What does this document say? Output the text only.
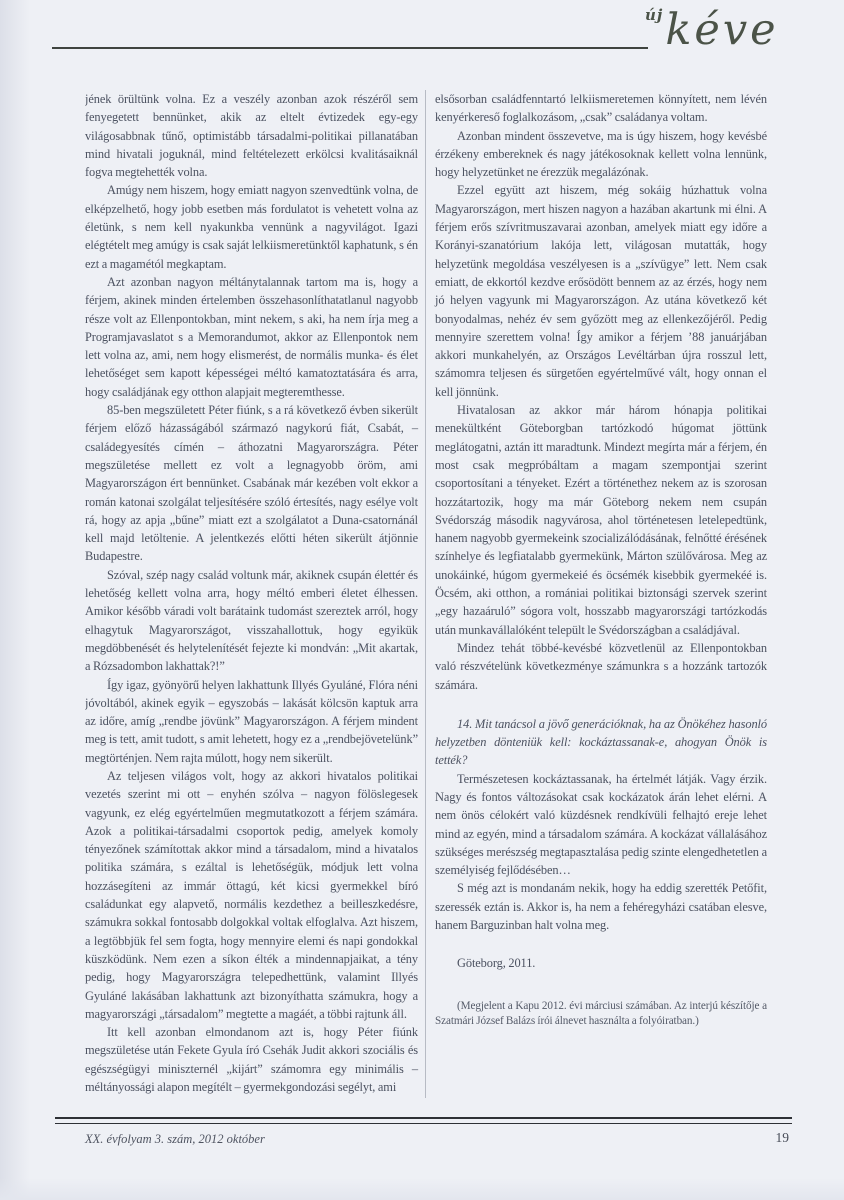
újkéve

jének örültünk volna. Ez a veszély azonban azok részéről sem fenyegetett bennünket, akik az eltelt évtizedek egy-egy világosabbnak tűnő, optimistább társadalmi-politikai pillanatában mind hivatali joguknál, mind feltételezett erkölcsi kvalitásaiknál fogva megtehették volna.

Amúgy nem hiszem, hogy emiatt nagyon szenvedtünk volna, de elképzelhető, hogy jobb esetben más fordulatot is vehetett volna az életünk, s nem kell nyakunkba vennünk a nagyvilágot. Igazi elégtételt meg amúgy is csak saját lelkiismeretünktől kaphatunk, s én ezt a magamétól megkaptam.

Azt azonban nagyon méltánytalannak tartom ma is, hogy a férjem, akinek minden értelemben összehasonlíthatatlanul nagyobb része volt az Ellenpontokban, mint nekem, s aki, ha nem írja meg a Programjavaslatot s a Memorandumot, akkor az Ellenpontok nem lett volna az, ami, nem hogy elismerést, de normális munka- és élet lehetőséget sem kapott képességei méltó kamatoztatására és arra, hogy családjának egy otthon alapjait megteremthesse.

85-ben megszületett Péter fiúnk, s a rá következő évben sikerült férjem előző házasságából származó nagykorú fiát, Csabát, – családegyesítés címén – áthozatni Magyarországra. Péter megszületése mellett ez volt a legnagyobb öröm, ami Magyarországon ért bennünket. Csabának már kezében volt ekkor a román katonai szolgálat teljesítésére szóló értesítés, nagy esélye volt rá, hogy az apja „bűne” miatt ezt a szolgálatot a Duna-csatornánál kell majd letöltenie. A jelentkezés előtti héten sikerült átjönnie Budapestre.

Szóval, szép nagy család voltunk már, akiknek csupán élettér és lehetőség kellett volna arra, hogy méltó emberi életet élhessen. Amikor később váradi volt barátaink tudomást szereztek arról, hogy elhagytuk Magyarországot, visszahallottuk, hogy egyikük megdöbbenését és helytelenítését fejezte ki mondván: „Mit akartak, a Rózsadombon lakhattak?!”

Így igaz, gyönyörű helyen lakhattunk Illyés Gyuláné, Flóra néni jóvoltából, akinek egyik – egyszobás – lakását kölcsön kaptuk arra az időre, amíg „rendbe jövünk” Magyarországon. A férjem mindent meg is tett, amit tudott, s amit lehetett, hogy ez a „rendbejövetelünk” megtörténjen. Nem rajta múlott, hogy nem sikerült.

Az teljesen világos volt, hogy az akkori hivatalos politikai vezetés szerint mi ott – enyhén szólva – nagyon fölöslegesek vagyunk, ez elég egyértelműen megmutatkozott a férjem számára. Azok a politikai-társadalmi csoportok pedig, amelyek komoly tényezőnek számítottak akkor mind a társadalom, mind a hivatalos politika számára, s ezáltal is lehetőségük, módjuk lett volna hozzásegíteni az immár öttagú, két kicsi gyermekkel bíró családunkat egy alapvető, normális kezdethez a beilleszkedésre, számukra sokkal fontosabb dolgokkal voltak elfoglalva. Azt hiszem, a legtöbbjük fel sem fogta, hogy mennyire elemi és napi gondokkal küszködünk. Nem ezen a síkon élték a mindennapjaikat, a tény pedig, hogy Magyarországra telepedhettünk, valamint Illyés Gyuláné lakásában lakhattunk azt bizonyíthatta számukra, hogy a magyarországi „társadalom” megtette a magáét, a többi rajtunk áll.

Itt kell azonban elmondanom azt is, hogy Péter fiúnk megszületése után Fekete Gyula író Csehák Judit akkori szociális és egészségügyi miniszternél „kijárt” számomra egy minimális – méltányossági alapon megítélt – gyermekgondozási segélyt, ami

elsősorban családfenntartó lelkiismeretemen könnyített, nem lévén kenyérkereső foglalkozásom, „csak” családanya voltam.

Azonban mindent összevetve, ma is úgy hiszem, hogy kevésbé érzékeny embereknek és nagy játékosoknak kellett volna lennünk, hogy helyzetünket ne érezzük megalázónak.

Ezzel együtt azt hiszem, még sokáig húzhattuk volna Magyarországon, mert hiszen nagyon a hazában akartunk mi élni. A férjem erős szívritmuszavarai azonban, amelyek miatt egy időre a Korányi-szanatórium lakója lett, világosan mutatták, hogy helyzetünk megoldása veszélyesen is a „szívügye” lett. Nem csak emiatt, de ekkortól kezdve erősödött bennem az az érzés, hogy nem jó helyen vagyunk mi Magyarországon. Az utána következő két bonyodalmas, nehéz év sem győzött meg az ellenkezőjéről. Pedig mennyire szerettem volna! Így amikor a férjem ’88 januárjában akkori munkahelyén, az Országos Levéltárban újra rosszul lett, számomra teljesen és sürgetően egyértelművé vált, hogy onnan el kell jönnünk.

Hivatalosan az akkor már három hónapja politikai menekültként Göteborgban tartózkodó húgomat jöttünk meglátogatni, aztán itt maradtunk. Mindezt megírta már a férjem, én most csak megpróbáltam a magam szempontjai szerint csoportosítani a tényeket. Ezért a történethez nekem az is szorosan hozzátartozik, hogy ma már Göteborg nekem nem csupán Svédország második nagyvárosa, ahol történetesen letelepedtünk, hanem nagyobb gyermekeink szocializálódásának, felnőtté érésének színhelye és legfiatalabb gyermekünk, Márton szülővárosa. Meg az unokáinké, húgom gyermekeié és öcsémék kisebbik gyermekéé is. Öcsém, aki otthon, a romániai politikai biztonsági szervek szerint „egy hazaáruló” sógora volt, hosszabb magyarországi tartózkodás után munkavállalóként települt le Svédországban a családjával.

Mindez tehát többé-kevésbé közvetlenül az Ellenpontokban való részvételünk következménye számunkra s a hozzánk tartozók számára.

14. Mit tanácsol a jövő generációknak, ha az Önökéhez hasonló helyzetben dönteniük kell: kockáztassanak-e, ahogyan Önök is tették?

Természetesen kockáztassanak, ha értelmét látják. Vagy érzik. Nagy és fontos változásokat csak kockázatok árán lehet elérni. A nem önös célokért való küzdésnek rendkívüli felhajtó ereje lehet mind az egyén, mind a társadalom számára. A kockázat vállalásához szükséges merészség megtapasztalása pedig szinte elengedhetetlen a személyiség fejlődésében…

S még azt is mondanám nekik, hogy ha eddig szerették Petőfit, szeressék eztán is. Akkor is, ha nem a fehéregyházi csatában elesve, hanem Barguzinban halt volna meg.

Göteborg, 2011.

(Megjelent a Kapu 2012. évi márciusi számában. Az interjú készítője a Szatmári József Balázs írói álnevet használta a folyóiratban.)

XX. évfolyam 3. szám, 2012 október	19
